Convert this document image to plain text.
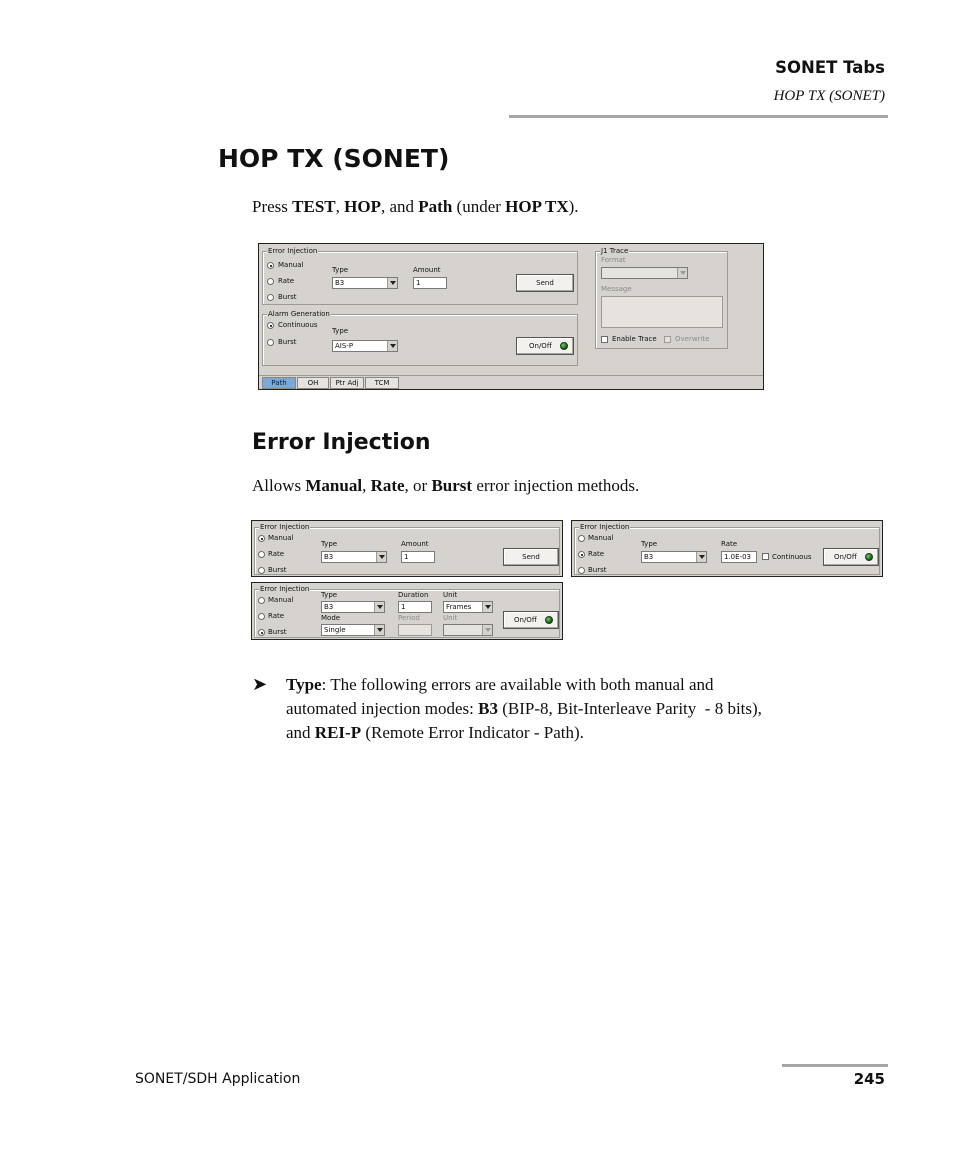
SONET Tabs
HOP TX (SONET)
HOP TX (SONET)
Press TEST, HOP, and Path (under HOP TX).
Error Injection
Manual
Rate
Burst
Type
B3
Amount
1	Send
Alarm Generation
Continuous
Burst
Type
AIS-P	On/Off
J1 Trace
Format
Message
Enable Trace	Overwrite
Path	OH	Ptr Adj	TCM
Error Injection
Allows Manual, Rate, or Burst error injection methods.
Error Injection
Manual
Rate
Burst
Type
B3
Amount
1	Send
Error Injection
Manual
Rate
Burst
Type
B3
Rate
1.0E-03	Continuous	On/Off
Error Injection
Manual
Rate
Burst
Type
B3
Mode
Single
Duration
1
Period
Unit
Frames
Unit	On/Off
➤ Type: The following errors are available with both manual and
automated injection modes: B3 (BIP-8, Bit-Interleave Parity  - 8 bits),
and REI-P (Remote Error Indicator - Path).
SONET/SDH Application	245
